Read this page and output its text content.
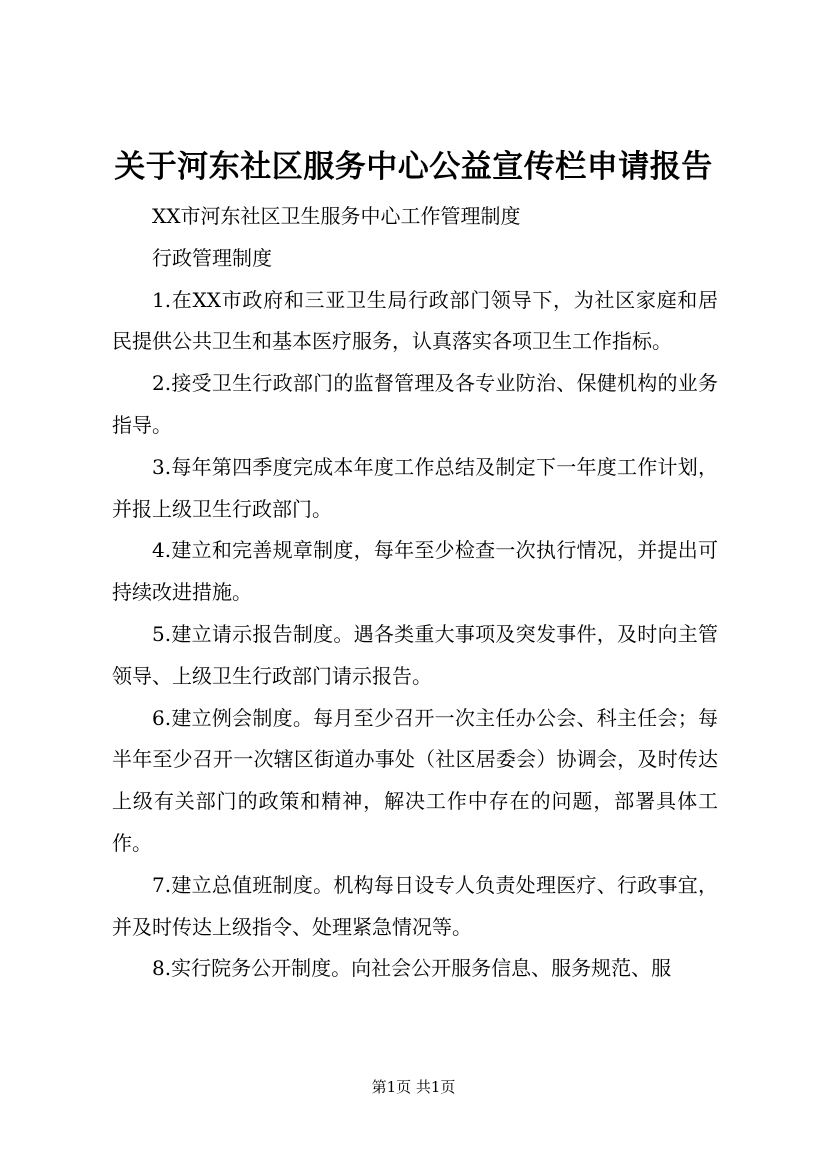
关于河东社区服务中心公益宣传栏申请报告

XX市河东社区卫生服务中心工作管理制度

行政管理制度

1.在XX市政府和三亚卫生局行政部门领导下，为社区家庭和居民提供公共卫生和基本医疗服务，认真落实各项卫生工作指标。

2.接受卫生行政部门的监督管理及各专业防治、保健机构的业务指导。

3.每年第四季度完成本年度工作总结及制定下一年度工作计划，并报上级卫生行政部门。

4.建立和完善规章制度，每年至少检查一次执行情况，并提出可持续改进措施。

5.建立请示报告制度。遇各类重大事项及突发事件，及时向主管领导、上级卫生行政部门请示报告。

6.建立例会制度。每月至少召开一次主任办公会、科主任会；每半年至少召开一次辖区街道办事处（社区居委会）协调会，及时传达上级有关部门的政策和精神，解决工作中存在的问题，部署具体工作。

7.建立总值班制度。机构每日设专人负责处理医疗、行政事宜，并及时传达上级指令、处理紧急情况等。

8.实行院务公开制度。向社会公开服务信息、服务规范、服

第1页 共1页
